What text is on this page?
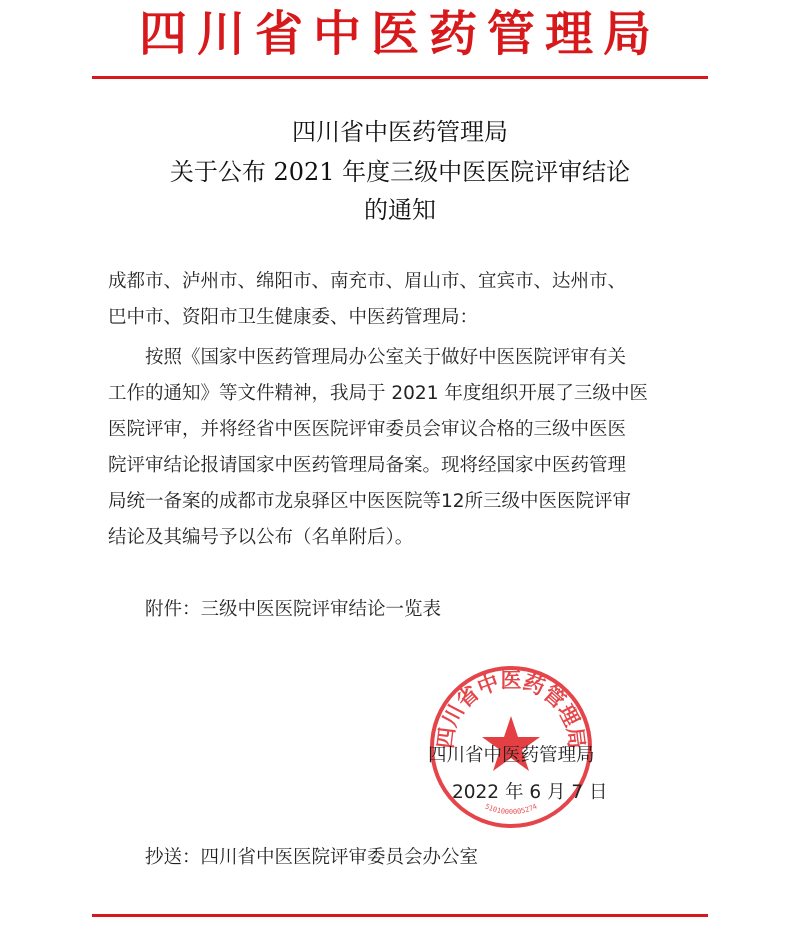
四川省中医药管理局
四川省中医药管理局
关于公布 2021 年度三级中医医院评审结论
的通知
成都市、泸州市、绵阳市、南充市、眉山市、宜宾市、达州市、
巴中市、资阳市卫生健康委、中医药管理局：
按照《国家中医药管理局办公室关于做好中医医院评审有关
工作的通知》等文件精神，我局于 2021 年度组织开展了三级中医
医院评审，并将经省中医医院评审委员会审议合格的三级中医医
院评审结论报请国家中医药管理局备案。现将经国家中医药管理
局统一备案的成都市龙泉驿区中医医院等12所三级中医医院评审
结论及其编号予以公布（名单附后）。
附件：三级中医医院评审结论一览表
四川省中医药管理局
5101000005274
四川省中医药管理局
2022 年 6 月 7 日
抄送：四川省中医医院评审委员会办公室
